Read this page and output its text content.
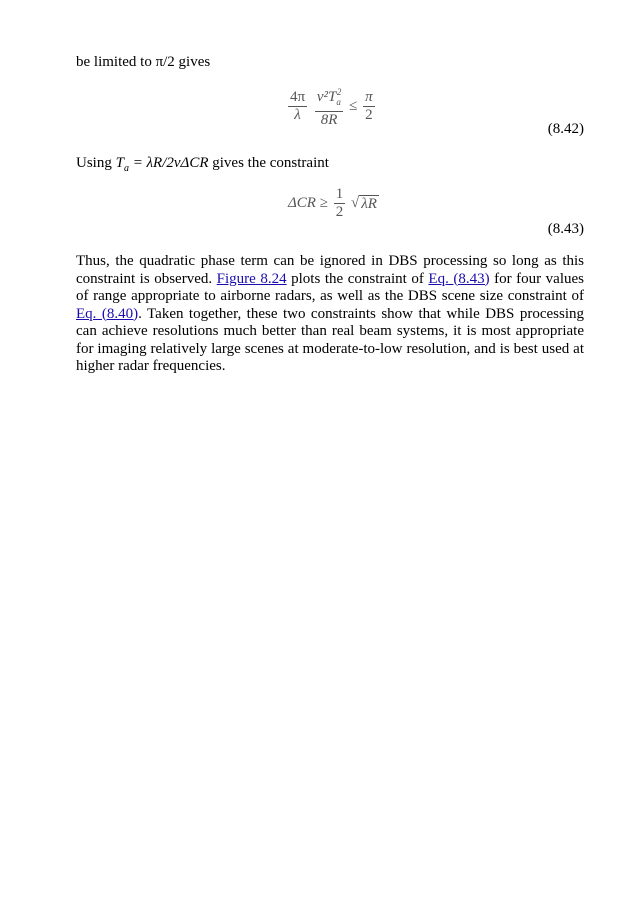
be limited to π/2 gives
$\frac{4\pi}{\lambda}$
$\frac{v^2T_a^2}{8R} \le \frac{\pi}{2}$
(8.42)
Using $T_a = \lambda R/2v\Delta CR$ gives the constraint
$\Delta CR \ge \frac{1}{2}$ √ λR
(8.43)
Thus, the quadratic phase term can be ignored in DBS processing so long as this constraint is observed. Figure 8.24 plots the constraint of Eq. (8.43) for four values of range appropriate to airborne radars, as well as the DBS scene size constraint of Eq. (8.40). Taken together, these two constraints show that while DBS processing can achieve resolutions much better than real beam systems, it is most appropriate for imaging relatively large scenes at moderate-to-low resolution, and is best used at higher radar frequencies.
